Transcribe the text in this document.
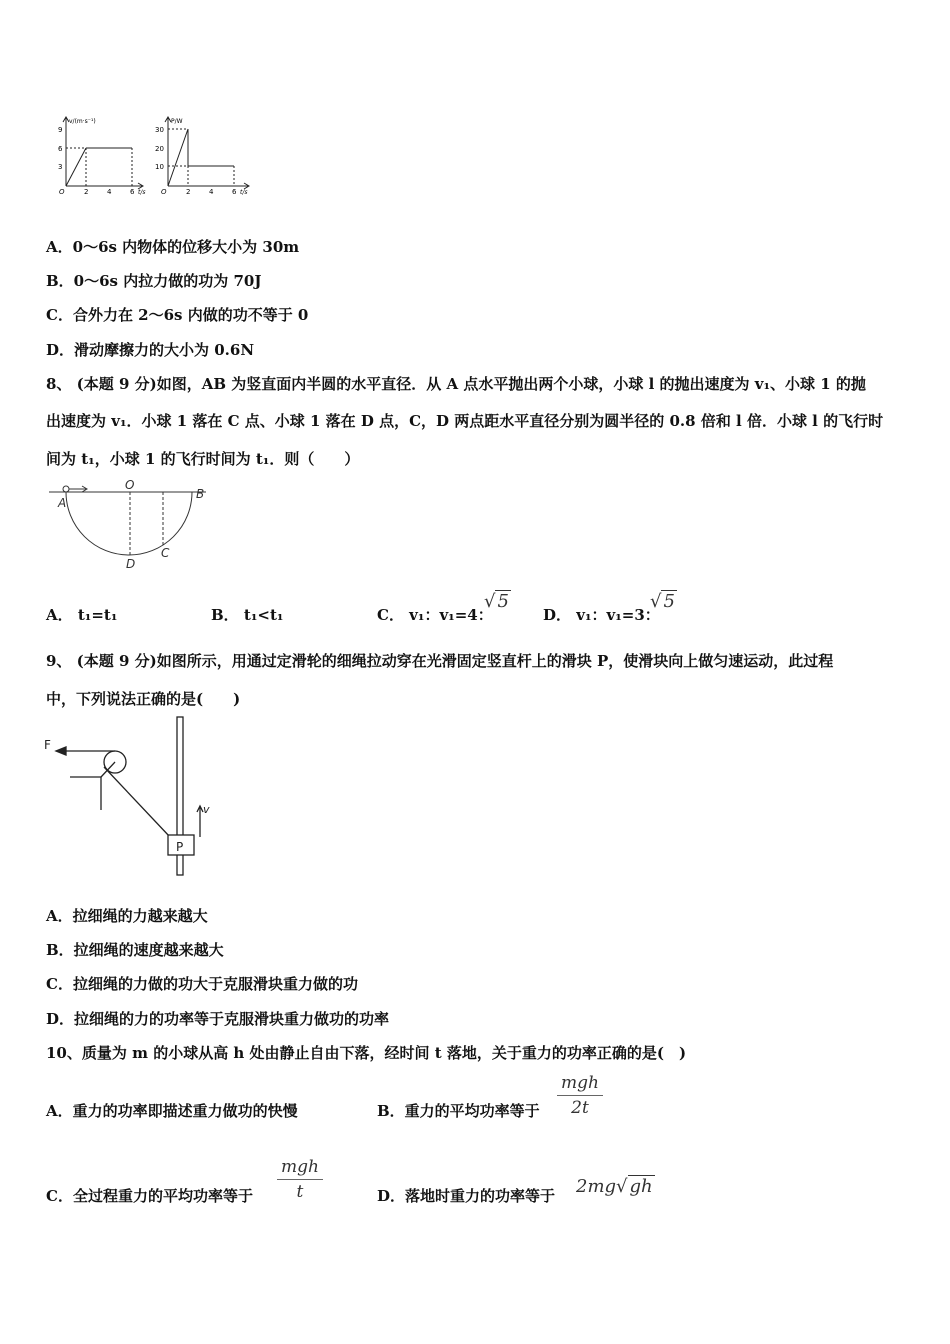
v/(m·s⁻¹)
9
6
3
O	2	4	6 t/s
P/W
30
20
10
O	2	4	6 t/s
A．0～6s 内物体的位移大小为 30m
B．0～6s 内拉力做的功为 70J
C．合外力在 2～6s 内做的功不等于 0
D．滑动摩擦力的大小为 0.6N
8、 (本题 9 分)如图，AB 为竖直面内半圆的水平直径．从 A 点水平抛出两个小球，小球 l 的抛出速度为 v₁、小球 1 的抛
出速度为 v₁．小球 1 落在 C 点、小球 1 落在 D 点，C，D 两点距水平直径分别为圆半径的 0.8 倍和 l 倍．小球 l 的飞行时
间为 t₁，小球 1 的飞行时间为 t₁．则（　　）
A
O
B
C
D
A． t₁=t₁	B． t₁<t₁	C． v₁：v₁=4：
√ 5
D． v₁：v₁=3：
√ 5
9、 (本题 9 分)如图所示，用通过定滑轮的细绳拉动穿在光滑固定竖直杆上的滑块 P，使滑块向上做匀速运动，此过程
中，下列说法正确的是(　　)
F
v
P
A．拉细绳的力越来越大
B．拉细绳的速度越来越大
C．拉细绳的力做的功大于克服滑块重力做的功
D．拉细绳的力的功率等于克服滑块重力做功的功率
10、质量为 m 的小球从高 h 处由静止自由下落，经时间 t 落地，关于重力的功率正确的是(　)
A．重力的功率即描述重力做功的快慢	B．重力的平均功率等于
mgh
2t
C．全过程重力的平均功率等于
mgh
t	D．落地时重力的功率等于 2mg√ gh
